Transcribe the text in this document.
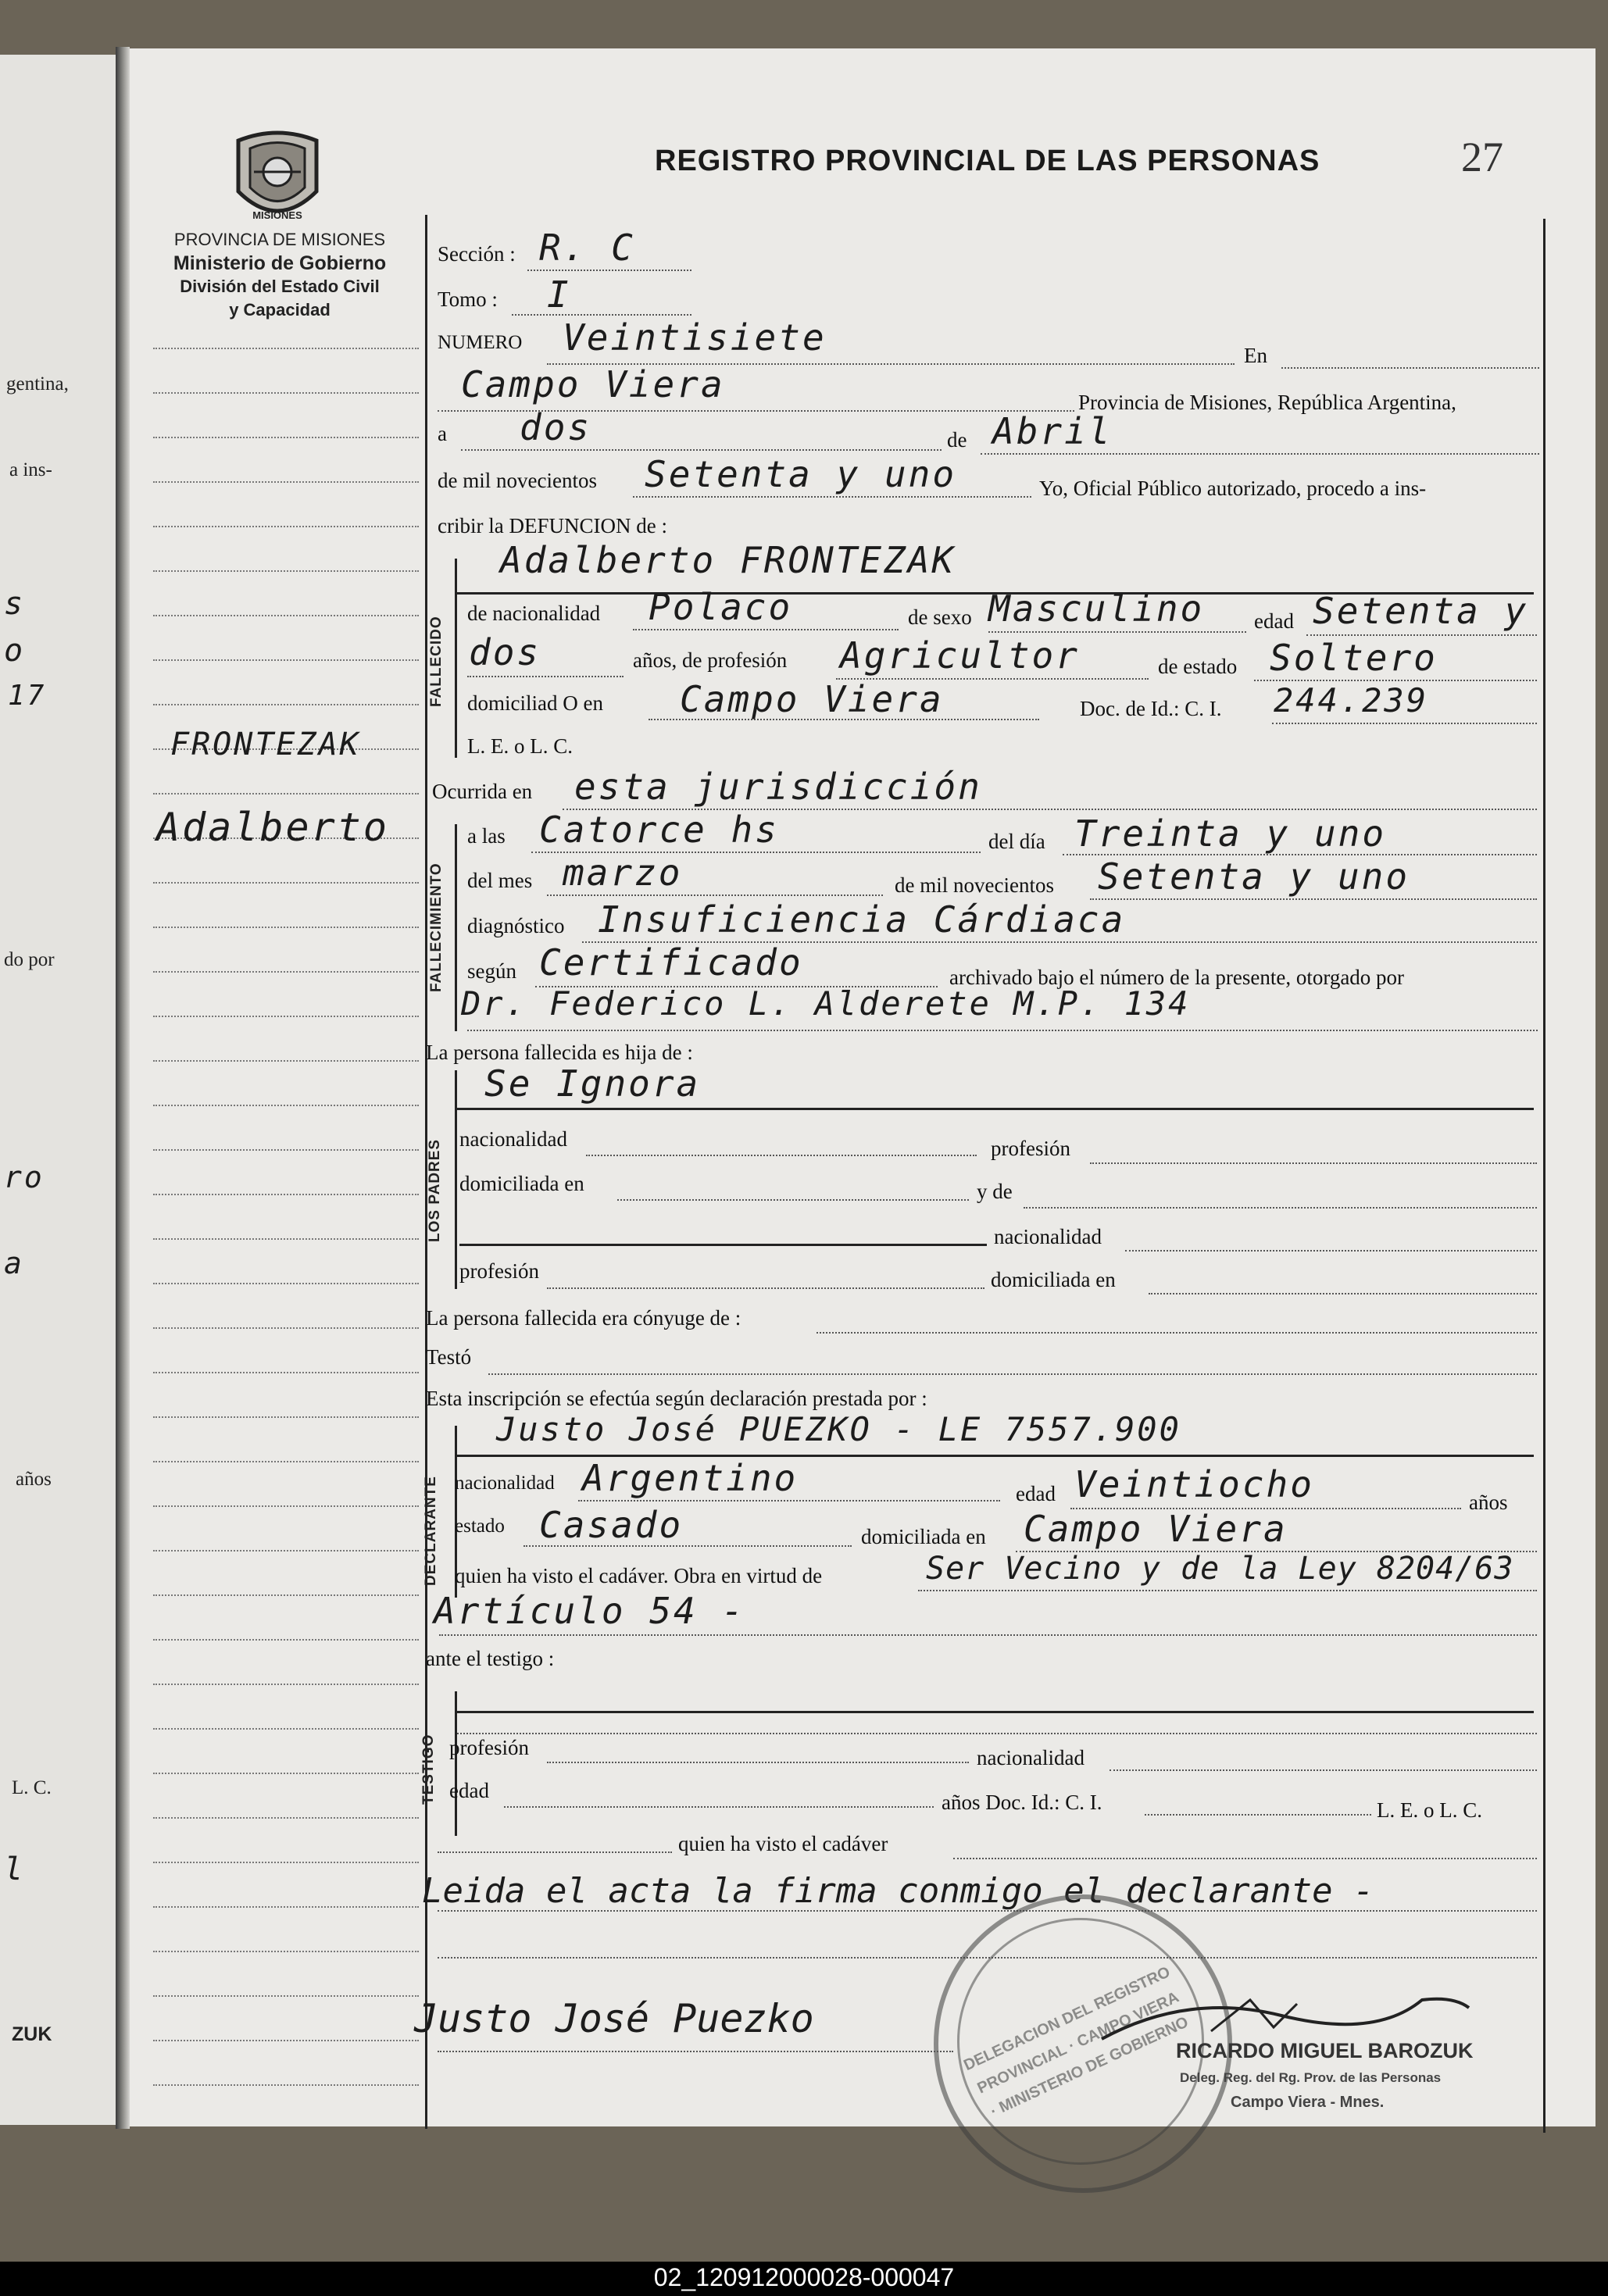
gentina,
a ins-
s
o
17
do por
ro
a
años
L. C.
l
ZUK
MISIONES
PROVINCIA DE MISIONES
Ministerio de Gobierno
División del Estado Civil
y Capacidad
REGISTRO PROVINCIAL DE LAS PERSONAS	27
FRONTEZAK
Adalberto
Sección : R. C
Tomo : I
NUMERO Veintisiete	En
Campo Viera	Provincia de Misiones, República Argentina,
a dos	de Abril
de mil novecientos Setenta y uno	Yo, Oficial Público autorizado, procedo a ins-
cribir la DEFUNCION de :
FALLECIDO
Adalberto FRONTEZAK
de nacionalidad Polaco	de sexo Masculino edad Setenta y
dos	años, de profesión Agricultor	de estado Soltero
domiciliad O en Campo Viera	Doc. de Id.: C. I. 244.239
L. E. o L. C.
Ocurrida en esta jurisdicción
FALLECIMIENTO
a las Catorce hs	del día Treinta y uno
del mes marzo	de mil novecientos Setenta y uno
diagnóstico Insuficiencia Cárdiaca
según Certificado	archivado bajo el número de la presente, otorgado por
Dr. Federico L. Alderete M.P. 134
La persona fallecida es hija de :
LOS PADRES
Se Ignora
nacionalidad	profesión
domiciliada en	y de
nacionalidad
profesión	domiciliada en
La persona fallecida era cónyuge de :
Testó
Esta inscripción se efectúa según declaración prestada por :
DECLARANTE
Justo José PUEZKO - LE 7557.900
nacionalidad Argentino	edad Veintiocho	años
estado Casado	domiciliada en Campo Viera
quien ha visto el cadáver. Obra en virtud de	Ser Vecino y de la Ley 8204/63
Artículo 54 -
ante el testigo :
TESTIGO profesión	nacionalidad
edad	años Doc. Id.: C. I.	L. E. o L. C.
quien ha visto el cadáver
Leida el acta la firma conmigo el declarante -
DELEGACION DEL REGISTRO PROVINCIAL · CAMPO VIERA · MINISTERIO DE GOBIERNO
Justo José Puezko
RICARDO MIGUEL BAROZUK
Deleg. Reg. del Rg. Prov. de las Personas
Campo Viera - Mnes.
02_120912000028-000047
